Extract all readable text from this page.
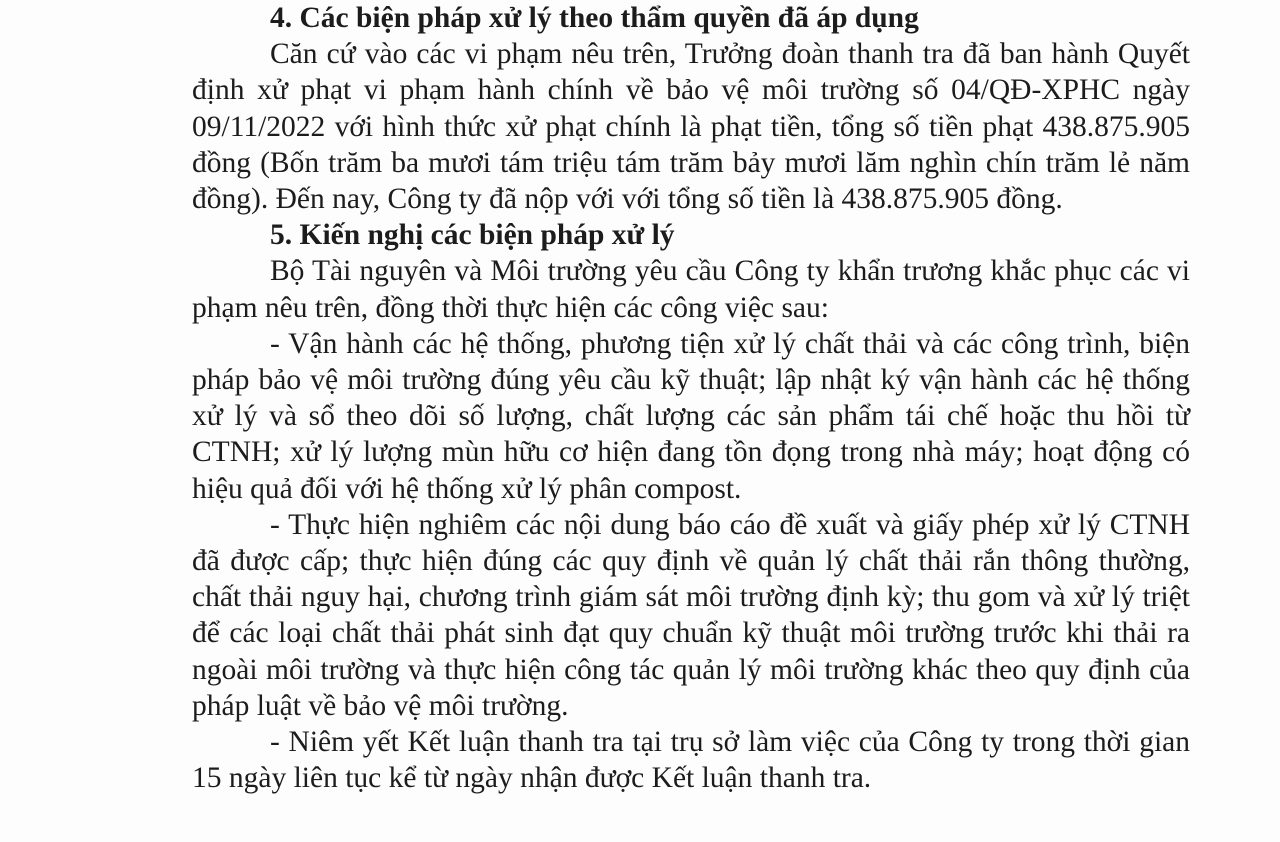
4. Các biện pháp xử lý theo thẩm quyền đã áp dụng

Căn cứ vào các vi phạm nêu trên, Trưởng đoàn thanh tra đã ban hành Quyết định xử phạt vi phạm hành chính về bảo vệ môi trường số 04/QĐ-XPHC ngày 09/11/2022 với hình thức xử phạt chính là phạt tiền, tổng số tiền phạt 438.875.905 đồng (Bốn trăm ba mươi tám triệu tám trăm bảy mươi lăm nghìn chín trăm lẻ năm đồng). Đến nay, Công ty đã nộp với với tổng số tiền là 438.875.905 đồng.

5. Kiến nghị các biện pháp xử lý

Bộ Tài nguyên và Môi trường yêu cầu Công ty khẩn trương khắc phục các vi phạm nêu trên, đồng thời thực hiện các công việc sau:

- Vận hành các hệ thống, phương tiện xử lý chất thải và các công trình, biện pháp bảo vệ môi trường đúng yêu cầu kỹ thuật; lập nhật ký vận hành các hệ thống xử lý và sổ theo dõi số lượng, chất lượng các sản phẩm tái chế hoặc thu hồi từ CTNH; xử lý lượng mùn hữu cơ hiện đang tồn đọng trong nhà máy; hoạt động có hiệu quả đối với hệ thống xử lý phân compost.

- Thực hiện nghiêm các nội dung báo cáo đề xuất và giấy phép xử lý CTNH đã được cấp; thực hiện đúng các quy định về quản lý chất thải rắn thông thường, chất thải nguy hại, chương trình giám sát môi trường định kỳ; thu gom và xử lý triệt để các loại chất thải phát sinh đạt quy chuẩn kỹ thuật môi trường trước khi thải ra ngoài môi trường và thực hiện công tác quản lý môi trường khác theo quy định của pháp luật về bảo vệ môi trường.

- Niêm yết Kết luận thanh tra tại trụ sở làm việc của Công ty trong thời gian 15 ngày liên tục kể từ ngày nhận được Kết luận thanh tra.
